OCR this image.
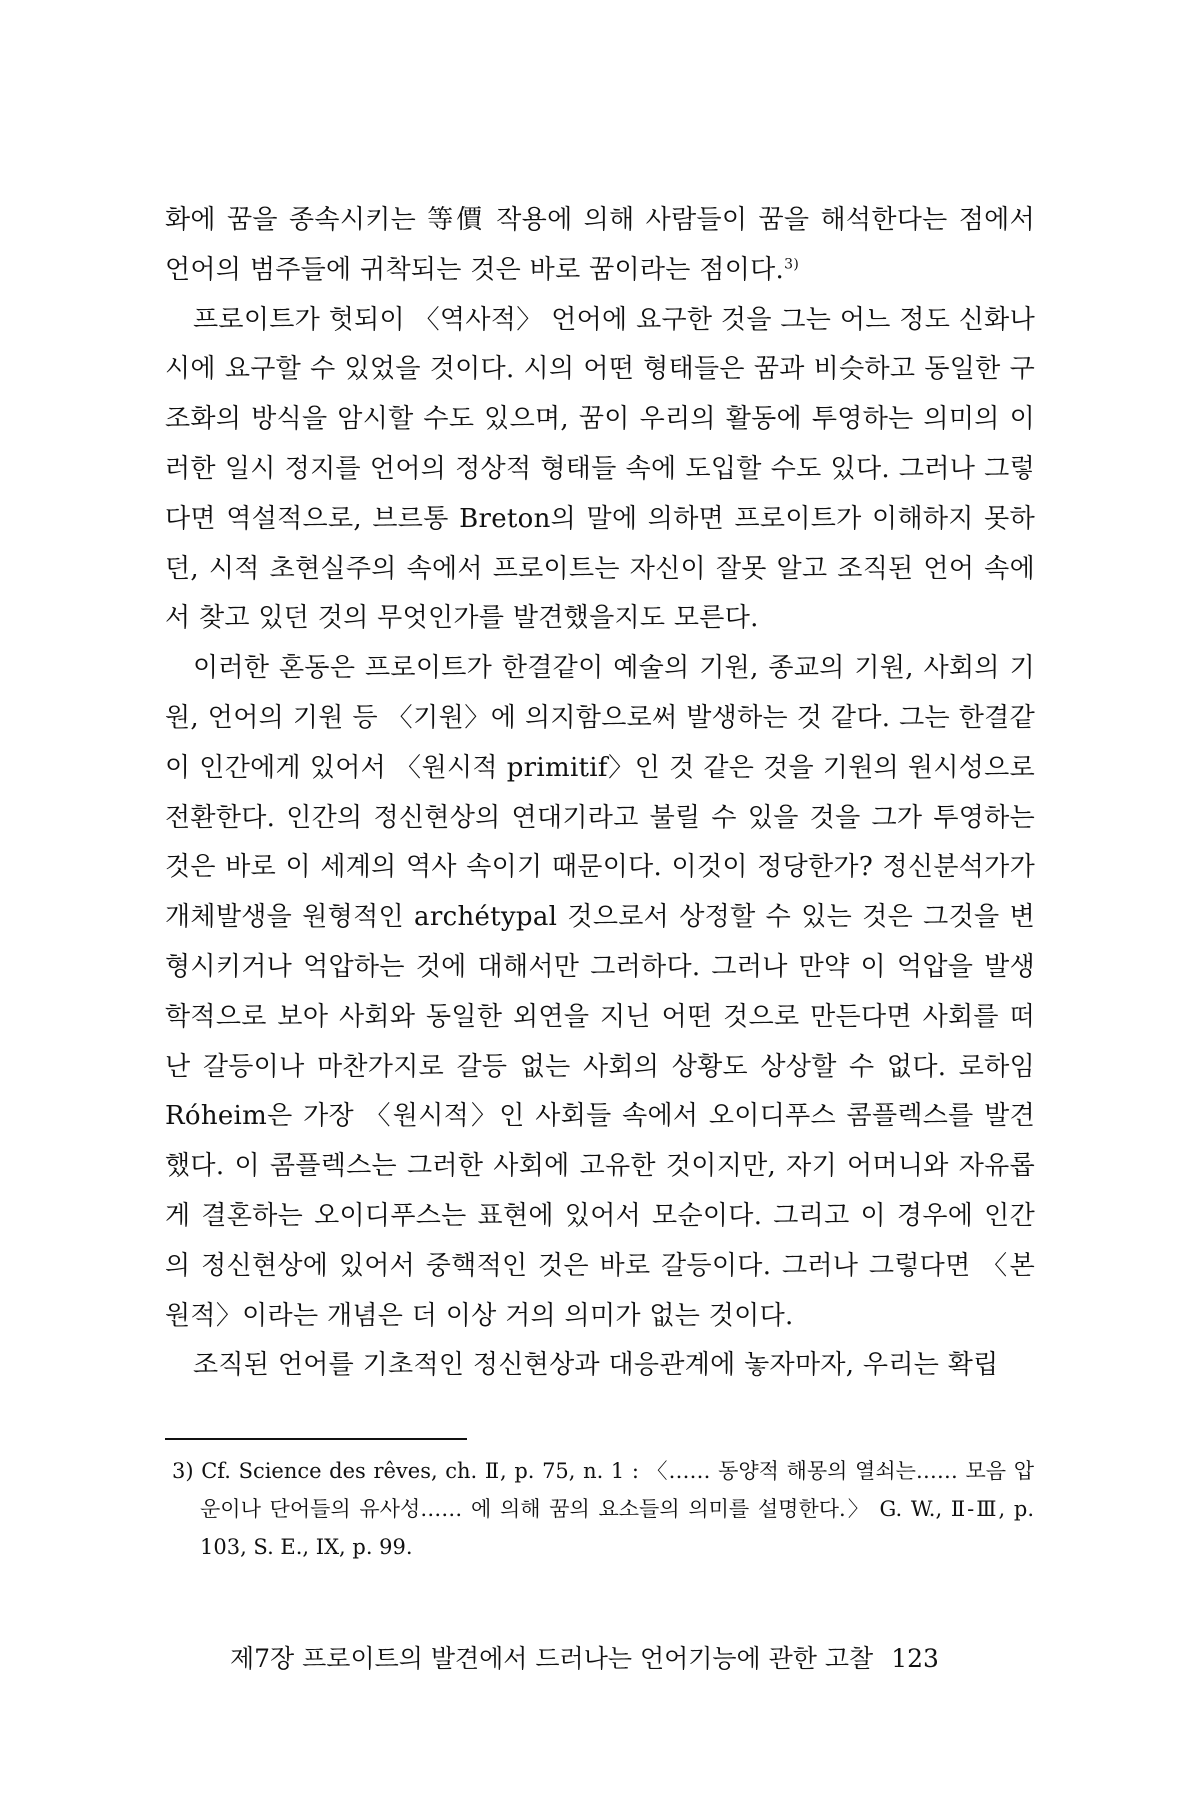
화에 꿈을 종속시키는 等價 작용에 의해 사람들이 꿈을 해석한다는 점에서 언어의 범주들에 귀착되는 것은 바로 꿈이라는 점이다.$^{3)}$

프로이트가 헛되이 〈역사적〉 언어에 요구한 것을 그는 어느 정도 신화나 시에 요구할 수 있었을 것이다. 시의 어떤 형태들은 꿈과 비슷하고 동일한 구조화의 방식을 암시할 수도 있으며, 꿈이 우리의 활동에 투영하는 의미의 이러한 일시 정지를 언어의 정상적 형태들 속에 도입할 수도 있다. 그러나 그렇다면 역설적으로, 브르통 Breton의 말에 의하면 프로이트가 이해하지 못하던, 시적 초현실주의 속에서 프로이트는 자신이 잘못 알고 조직된 언어 속에서 찾고 있던 것의 무엇인가를 발견했을지도 모른다.

이러한 혼동은 프로이트가 한결같이 예술의 기원, 종교의 기원, 사회의 기원, 언어의 기원 등 〈기원〉에 의지함으로써 발생하는 것 같다. 그는 한결같이 인간에게 있어서 〈원시적 primitif〉인 것 같은 것을 기원의 원시성으로 전환한다. 인간의 정신현상의 연대기라고 불릴 수 있을 것을 그가 투영하는 것은 바로 이 세계의 역사 속이기 때문이다. 이것이 정당한가? 정신분석가가 개체발생을 원형적인 archétypal 것으로서 상정할 수 있는 것은 그것을 변형시키거나 억압하는 것에 대해서만 그러하다. 그러나 만약 이 억압을 발생학적으로 보아 사회와 동일한 외연을 지닌 어떤 것으로 만든다면 사회를 떠난 갈등이나 마찬가지로 갈등 없는 사회의 상황도 상상할 수 없다. 로하임 Róheim은 가장 〈원시적〉인 사회들 속에서 오이디푸스 콤플렉스를 발견했다. 이 콤플렉스는 그러한 사회에 고유한 것이지만, 자기 어머니와 자유롭게 결혼하는 오이디푸스는 표현에 있어서 모순이다. 그리고 이 경우에 인간의 정신현상에 있어서 중핵적인 것은 바로 갈등이다. 그러나 그렇다면 〈본원적〉이라는 개념은 더 이상 거의 의미가 없는 것이다.

조직된 언어를 기초적인 정신현상과 대응관계에 놓자마자, 우리는 확립

3) Cf. Science des rêves, ch. Ⅱ, p. 75, n. 1 : 〈…… 동양적 해몽의 열쇠는…… 모음 압운이나 단어들의 유사성…… 에 의해 꿈의 요소들의 의미를 설명한다.〉 G. W., Ⅱ-Ⅲ, p. 103, S. E., IX, p. 99.
제7장 프로이트의 발견에서 드러나는 언어기능에 관한 고찰 123
